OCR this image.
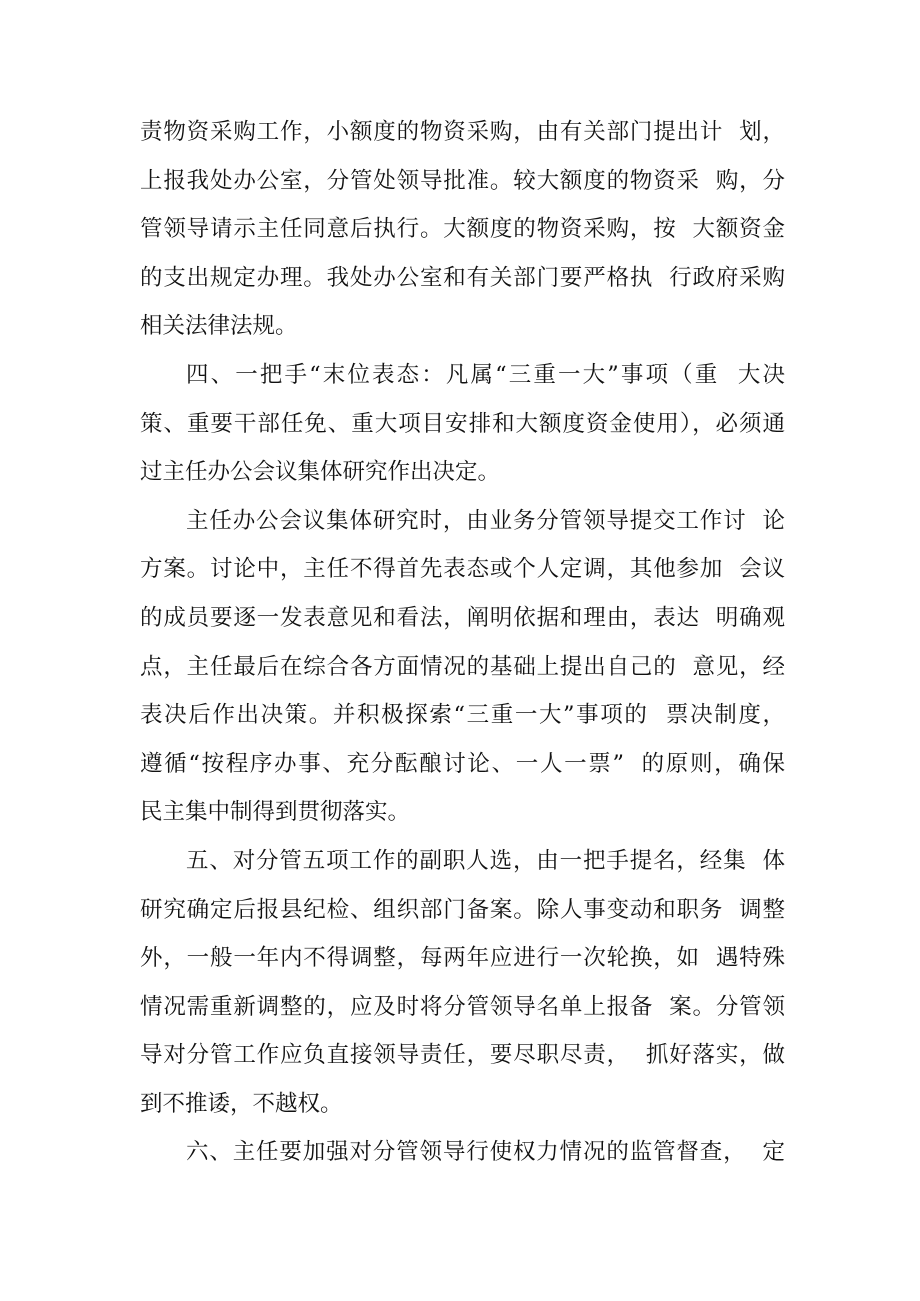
责物资采购工作，小额度的物资采购，由有关部门提出计  划，
上报我处办公室，分管处领导批准。较大额度的物资采  购，分
管领导请示主任同意后执行。大额度的物资采购，按  大额资金
的支出规定办理。我处办公室和有关部门要严格执  行政府采购
相关法律法规。
四、一把手“末位表态：凡属“三重一大”事项（重  大决
策、重要干部任免、重大项目安排和大额度资金使用），必须通
过主任办公会议集体研究作出决定。
主任办公会议集体研究时，由业务分管领导提交工作讨  论
方案。讨论中，主任不得首先表态或个人定调，其他参加  会议
的成员要逐一发表意见和看法，阐明依据和理由，表达  明确观
点，主任最后在综合各方面情况的基础上提出自己的  意见，经
表决后作出决策。并积极探索“三重一大”事项的  票决制度，
遵循“按程序办事、充分酝酿讨论、一人一票”  的原则，确保
民主集中制得到贯彻落实。
五、对分管五项工作的副职人选，由一把手提名，经集  体
研究确定后报县纪检、组织部门备案。除人事变动和职务  调整
外，一般一年内不得调整，每两年应进行一次轮换，如  遇特殊
情况需重新调整的，应及时将分管领导名单上报备  案。分管领
导对分管工作应负直接领导责任，要尽职尽责，  抓好落实，做
到不推诿，不越权。
六、主任要加强对分管领导行使权力情况的监管督查，  定
